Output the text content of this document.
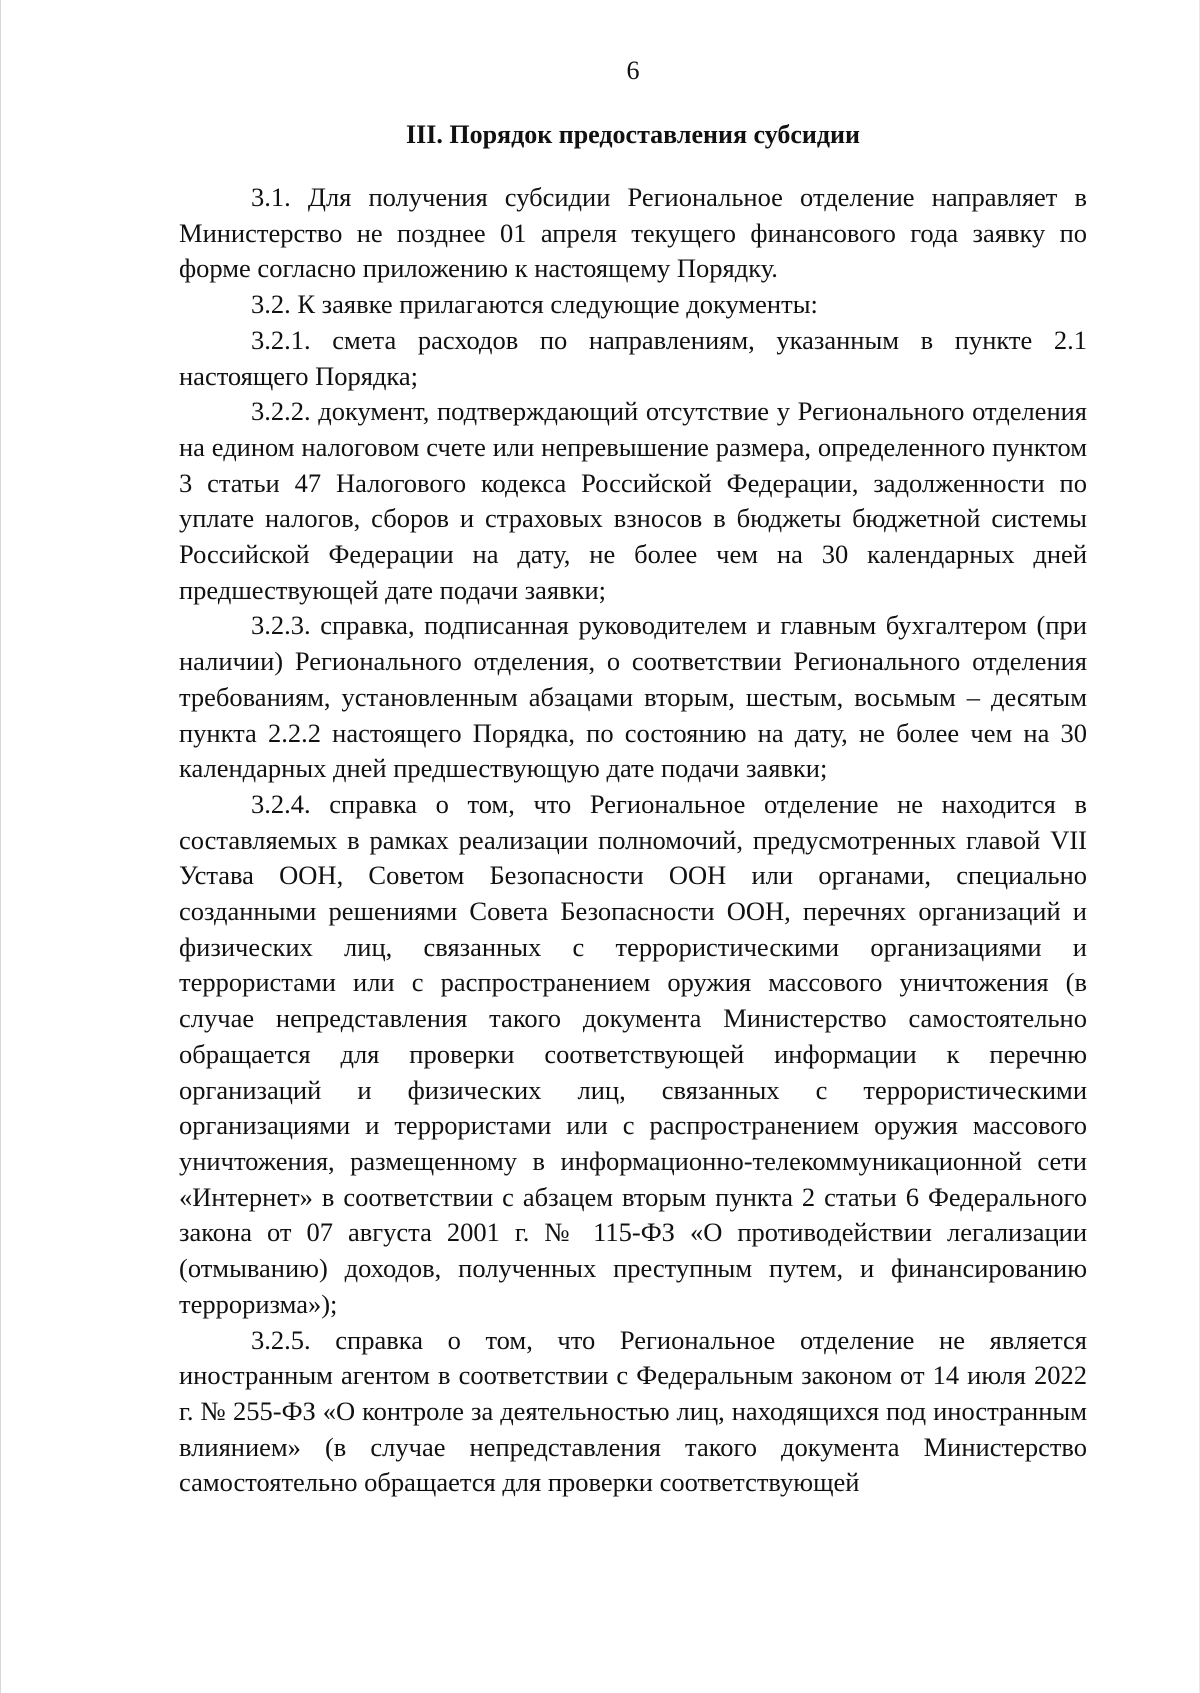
6
III. Порядок предоставления субсидии

3.1. Для получения субсидии Региональное отделение направляет в Министерство не позднее 01 апреля текущего финансового года заявку по форме согласно приложению к настоящему Порядку.

3.2. К заявке прилагаются следующие документы:

3.2.1. смета расходов по направлениям, указанным в пункте 2.1 настоящего Порядка;

3.2.2. документ, подтверждающий отсутствие у Регионального отделения на едином налоговом счете или непревышение размера, определенного пунктом 3 статьи 47 Налогового кодекса Российской Федерации, задолженности по уплате налогов, сборов и страховых взносов в бюджеты бюджетной системы Российской Федерации на дату, не более чем на 30 календарных дней предшествующей дате подачи заявки;

3.2.3. справка, подписанная руководителем и главным бухгалтером (при наличии) Регионального отделения, о соответствии Регионального отделения требованиям, установленным абзацами вторым, шестым, восьмым – десятым пункта 2.2.2 настоящего Порядка, по состоянию на дату, не более чем на 30 календарных дней предшествующую дате подачи заявки;

3.2.4. справка о том, что Региональное отделение не находится в составляемых в рамках реализации полномочий, предусмотренных главой VII Устава ООН, Советом Безопасности ООН или органами, специально созданными решениями Совета Безопасности ООН, перечнях организаций и физических лиц, связанных с террористическими организациями и террористами или с распространением оружия массового уничтожения (в случае непредставления такого документа Министерство самостоятельно обращается для проверки соответствующей информации к перечню организаций и физических лиц, связанных с террористическими организациями и террористами или с распространением оружия массового уничтожения, размещенному в информационно-телекоммуникационной сети «Интернет» в соответствии с абзацем вторым пункта 2 статьи 6 Федерального закона от 07 августа 2001 г. № 115-ФЗ «О противодействии легализации (отмыванию) доходов, полученных преступным путем, и финансированию терроризма»);

3.2.5. справка о том, что Региональное отделение не является иностранным агентом в соответствии с Федеральным законом от 14 июля 2022 г. № 255-ФЗ «О контроле за деятельностью лиц, находящихся под иностранным влиянием» (в случае непредставления такого документа Министерство самостоятельно обращается для проверки соответствующей
